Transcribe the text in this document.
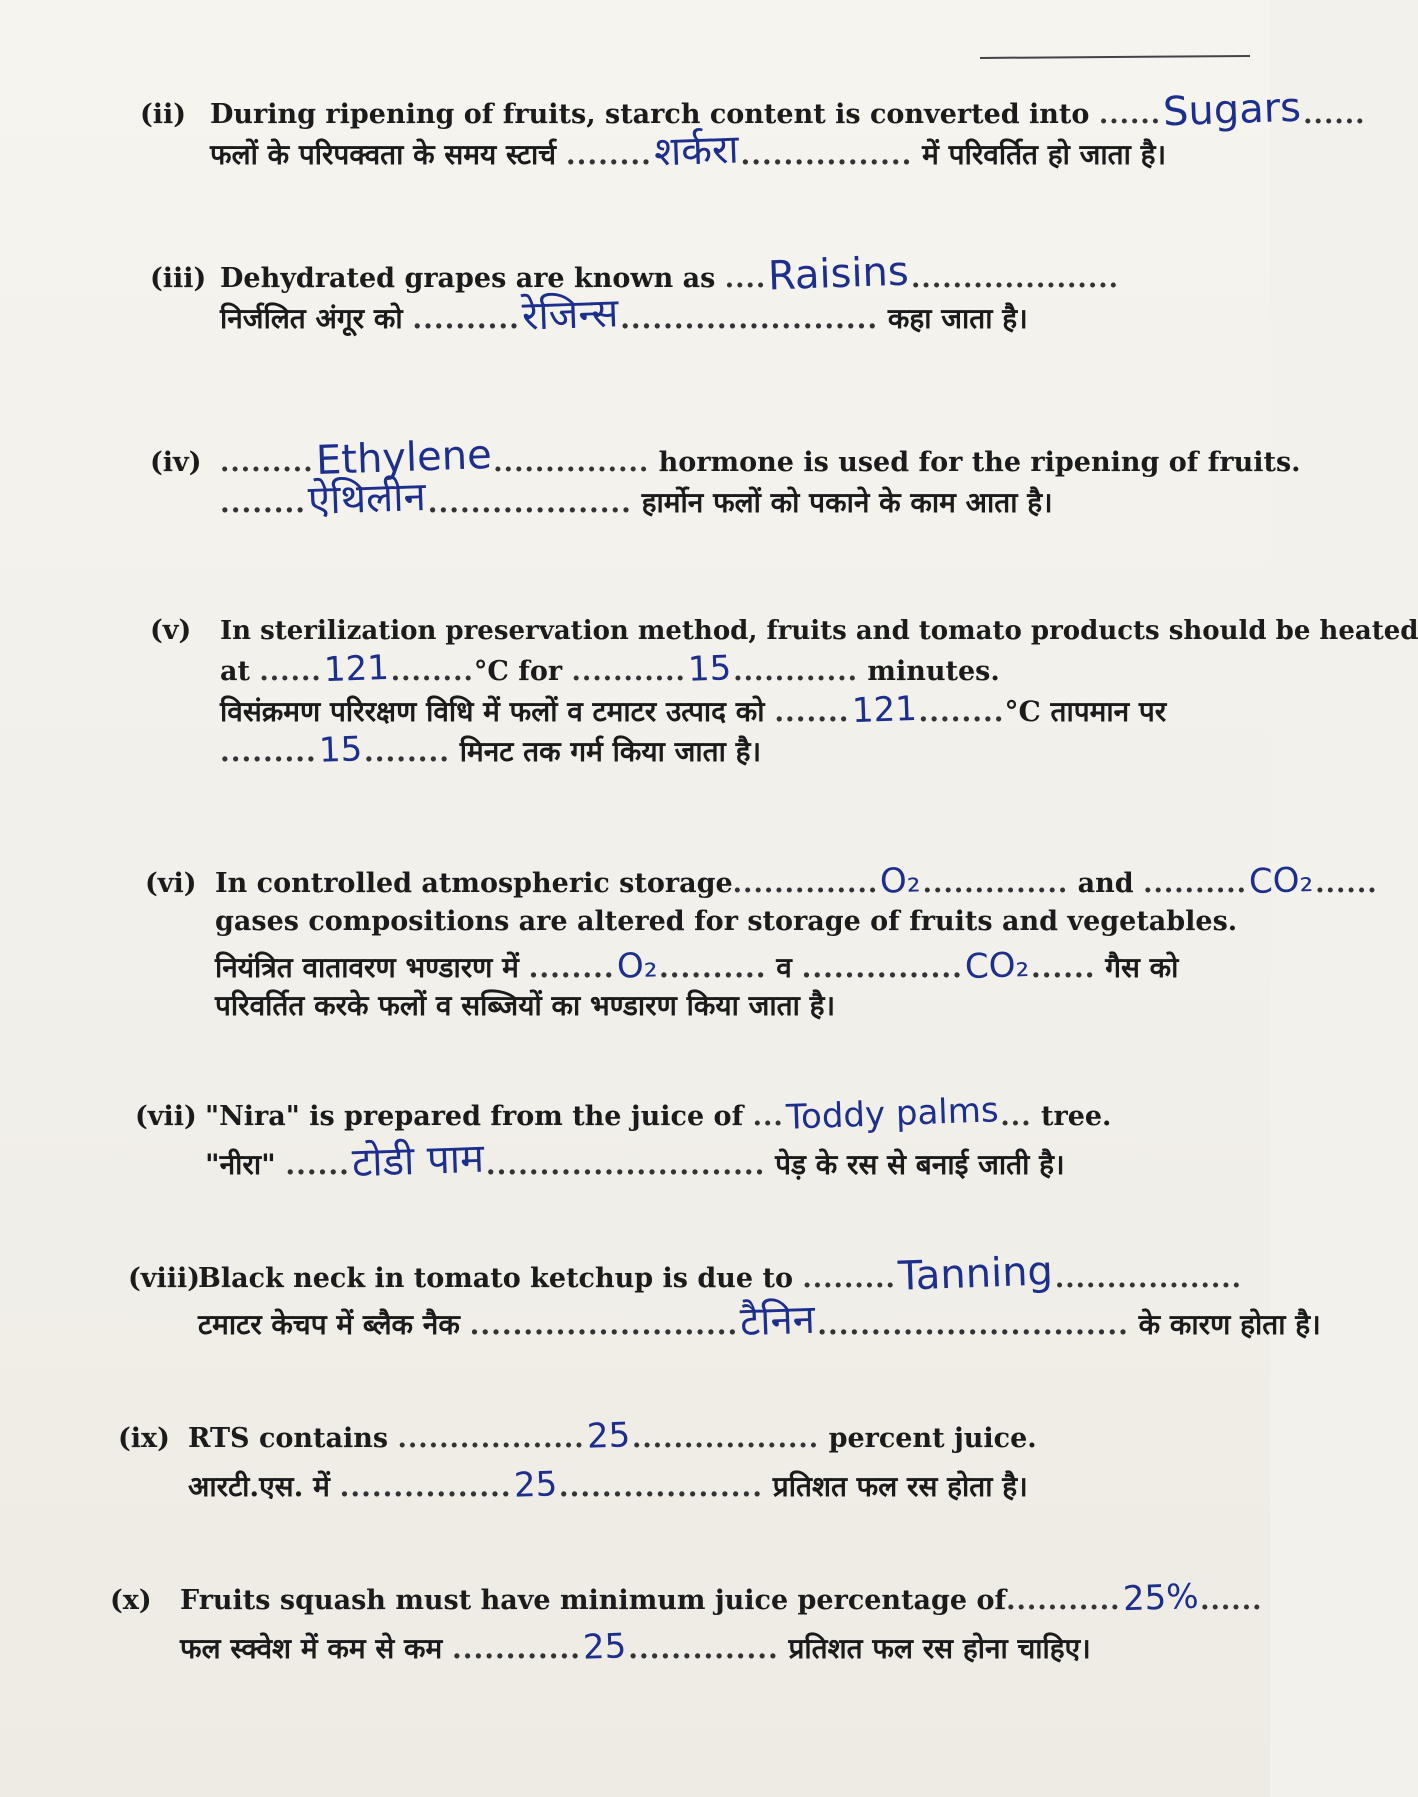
(ii) During ripening of fruits, starch content is converted into ......Sugars......
फलों के परिपक्वता के समय स्टार्च ........शर्करा................ में परिवर्तित हो जाता है।
(iii) Dehydrated grapes are known as ....Raisins....................
निर्जलित अंगूर को ..........रेजिन्स........................ कहा जाता है।
(iv) .........Ethylene............... hormone is used for the ripening of fruits.
........ऐथिलीन................... हार्मोन फलों को पकाने के काम आता है।
(v) In sterilization preservation method, fruits and tomato products should be heated
at ......121........°C for ...........15............ minutes.
विसंक्रमण परिरक्षण विधि में फलों व टमाटर उत्पाद को .......121........°C तापमान पर
.........15........ मिनट तक गर्म किया जाता है।
(vi) In controlled atmospheric storage..............O₂.............. and ..........CO₂......
gases compositions are altered for storage of fruits and vegetables.
नियंत्रित वातावरण भण्डारण में ........O₂.......... व ...............CO₂...... गैस को
परिवर्तित करके फलों व सब्जियों का भण्डारण किया जाता है।
(vii) "Nira" is prepared from the juice of ...Toddy palms... tree.
"नीरा" ......टोडी पाम.......................... पेड़ के रस से बनाई जाती है।
(viii)Black neck in tomato ketchup is due to .........Tanning..................
टमाटर केचप में ब्लैक नैक .........................टैनिन............................. के कारण होता है।
(ix) RTS contains ..................25.................. percent juice.
आरटी.एस. में ................25................... प्रतिशत फल रस होता है।
(x) Fruits squash must have minimum juice percentage of...........25%......
फल स्क्वेश में कम से कम ............25.............. प्रतिशत फल रस होना चाहिए।
